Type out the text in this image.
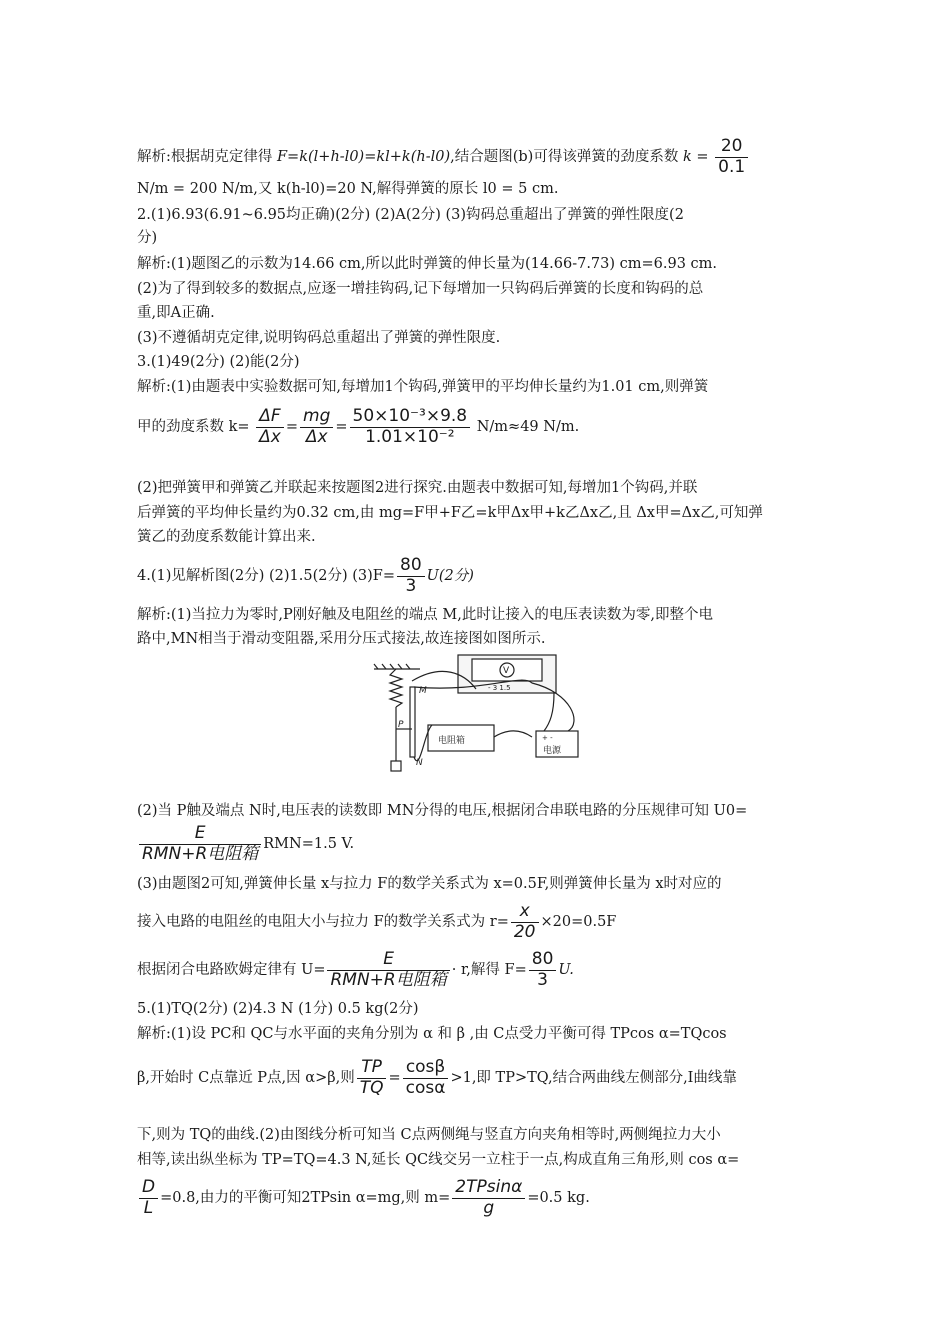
解析:根据胡克定律得 F=k(l+h-l0)=kl+k(h-l0),结合题图(b)可得该弹簧的劲度系数 $k = \frac{20}{0.1}$
N/m = 200 N/m,又 k(h-l0)=20 N,解得弹簧的原长 l0 = 5 cm.
2.(1)6.93(6.91~6.95均正确)(2分) (2)A(2分) (3)钩码总重超出了弹簧的弹性限度(2
分)
解析:(1)题图乙的示数为14.66 cm,所以此时弹簧的伸长量为(14.66-7.73) cm=6.93 cm.
(2)为了得到较多的数据点,应逐一增挂钩码,记下每增加一只钩码后弹簧的长度和钩码的总
重,即A正确.
(3)不遵循胡克定律,说明钩码总重超出了弹簧的弹性限度.
3.(1)49(2分) (2)能(2分)
解析:(1)由题表中实验数据可知,每增加1个钩码,弹簧甲的平均伸长量约为1.01 cm,则弹簧
甲的劲度系数 $k= \frac{\Delta F}{\Delta x} = \frac{mg}{\Delta x} = \frac{\text{50×10⁻³×9.8}}{\text{1.01×10⁻²}} N/m\approx 49$ N/m.
(2)把弹簧甲和弹簧乙并联起来按题图2进行探究.由题表中数据可知,每增加1个钩码,并联
后弹簧的平均伸长量约为0.32 cm,由 mg=F甲+F乙=k甲Δx甲+k乙Δx乙,且 Δx甲=Δx乙,可知弹
簧乙的劲度系数能计算出来.
4.(1)见解析图(2分) (2)1.5(2分) $(3)F= \frac{80}{3} U(2$分)
解析:(1)当拉力为零时,P刚好触及电阻丝的端点 M,此时让接入的电压表读数为零,即整个电
路中,MN相当于滑动变阻器,采用分压式接法,故连接图如图所示.
V
- 3 1.5
M
P
N
电阻箱
电源
+ -
(2)当 P触及端点 N时,电压表的读数即 MN分得的电压,根据闭合串联电路的分压规律可知 U0=
$\frac{E}{\text{RMN+R电阻箱}} RMN=1.5$ V.
(3)由题图2可知,弹簧伸长量 x与拉力 F的数学关系式为 x=0.5F,则弹簧伸长量为 x时对应的
接入电路的电阻丝的电阻大小与拉力 F的数学关系式为 $r= \frac{x}{20} \times 20=0.5F$
根据闭合电路欧姆定律有 $U= \frac{E}{\text{RMN+R电阻箱}} \cdot r$,解得 $F= \frac{80}{3} U$.
5.(1)TQ(2分) (2)4.3 N (1分) 0.5 kg(2分)
解析:(1)设 PC和 QC与水平面的夹角分别为 α 和 β ,由 C点受力平衡可得 TPcos α=TQcos
β,开始时 C点靠近 P点,因 α>β,则 $\frac{TP}{TQ} = \frac{\cos\beta}{\cos\alpha} >1$,即 TP>TQ,结合两曲线左侧部分,Ⅰ曲线靠
下,则为 TQ的曲线.(2)由图线分析可知当 C点两侧绳与竖直方向夹角相等时,两侧绳拉力大小
相等,读出纵坐标为 TP=TQ=4.3 N,延长 QC线交另一立柱于一点,构成直角三角形,则 cos α=
$\frac{D}{L} =0.8$,由力的平衡可知2TPsin α=mg,则 $m= \frac{2TPsin\alpha}{g} =0.5$ kg.
